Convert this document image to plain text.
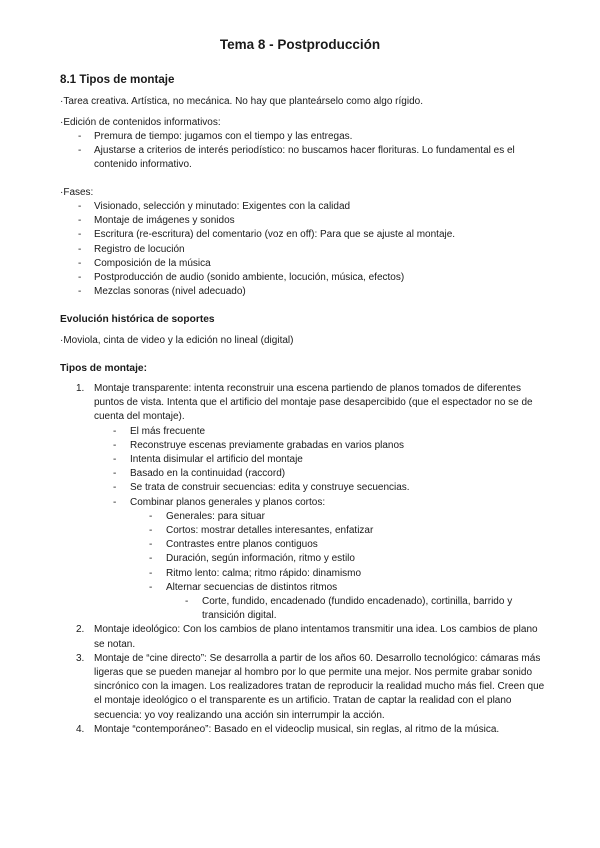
Tema 8 - Postproducción
8.1 Tipos de montaje

·Tarea creativa. Artística, no mecánica. No hay que planteárselo como algo rígido.

·Edición de contenidos informativos:

- Premura de tiempo: jugamos con el tiempo y las entregas.
- Ajustarse a criterios de interés periodístico: no buscamos hacer florituras. Lo fundamental es el contenido informativo.

·Fases:

- Visionado, selección y minutado: Exigentes con la calidad
- Montaje de imágenes y sonidos
- Escritura (re-escritura) del comentario (voz en off): Para que se ajuste al montaje.
- Registro de locución
- Composición de la música
- Postproducción de audio (sonido ambiente, locución, música, efectos)
- Mezclas sonoras (nivel adecuado)
Evolución histórica de soportes

·Moviola, cinta de video y la edición no lineal (digital)

Tipos de montaje:
1. Montaje transparente: intenta reconstruir una escena partiendo de planos tomados de diferentes puntos de vista. Intenta que el artificio del montaje pase desapercibido (que el espectador no se de cuenta del montaje).
- El más frecuente
- Reconstruye escenas previamente grabadas en varios planos
- Intenta disimular el artificio del montaje
- Basado en la continuidad (raccord)
- Se trata de construir secuencias: edita y construye secuencias.
- Combinar planos generales y planos cortos:
- Generales: para situar
- Cortos: mostrar detalles interesantes, enfatizar
- Contrastes entre planos contiguos
- Duración, según información, ritmo y estilo
- Ritmo lento: calma; ritmo rápido: dinamismo
- Alternar secuencias de distintos ritmos
- Corte, fundido, encadenado (fundido encadenado), cortinilla, barrido y transición digital.
2. Montaje ideológico: Con los cambios de plano intentamos transmitir una idea. Los cambios de plano se notan.
3. Montaje de “cine directo”: Se desarrolla a partir de los años 60. Desarrollo tecnológico: cámaras más ligeras que se pueden manejar al hombro por lo que permite una mejor. Nos permite grabar sonido sincrónico con la imagen. Los realizadores tratan de reproducir la realidad mucho más fiel. Creen que el montaje ideológico o el transparente es un artificio. Tratan de captar la realidad con el plano secuencia: yo voy realizando una acción sin interrumpir la acción.
4. Montaje “contemporáneo”: Basado en el videoclip musical, sin reglas, al ritmo de la música.
